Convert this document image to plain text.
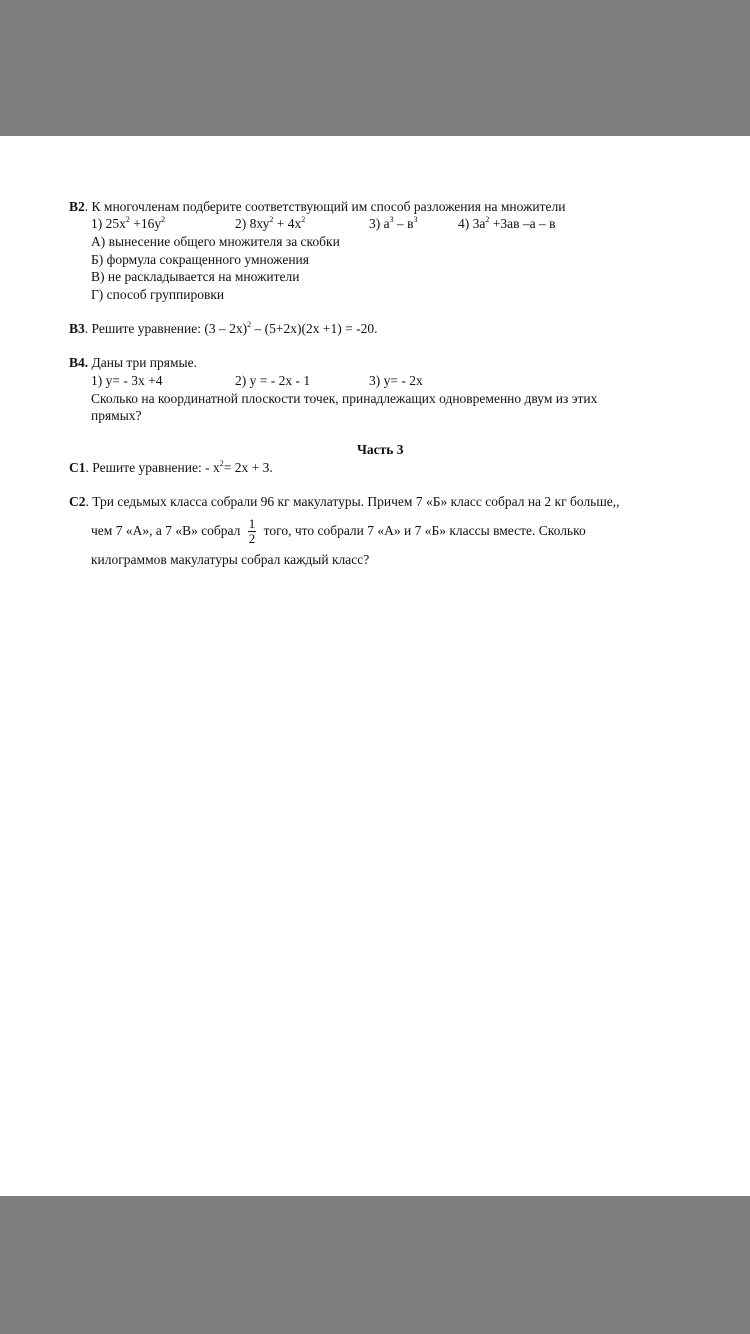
В2. К многочленам подберите соответствующий им способ разложения на множители
1) $25х^2 +16у^2$	2) $8ху^2 + 4х^2$	3) $а^3 - в^3$	4) $3а^2 +3ав$ –а – в
А) вынесение общего множителя за скобки
Б) формула сокращенного умножения
В) не раскладывается на множители
Г) способ группировки
В3. Решите уравнение: (3 – 2х)$^2$ – (5+2х)(2х +1) = -20.
В4. Даны три прямые.
1) у= - 3х +4	2) у = - 2х - 1	3) у= - 2х
Сколько на координатной плоскости точек, принадлежащих одновременно двум из этих
прямых?
Часть 3
С1. Решите уравнение: - $х^2= 2х + 3$.
С2. Три седьмых класса собрали 96 кг макулатуры. Причем 7 «Б» класс собрал на 2 кг больше,,
чем 7 «А», а 7 «В» собрал $\frac{1}{2}$ того, что собрали 7 «А» и 7 «Б» классы вместе. Сколько
килограммов макулатуры собрал каждый класс?
